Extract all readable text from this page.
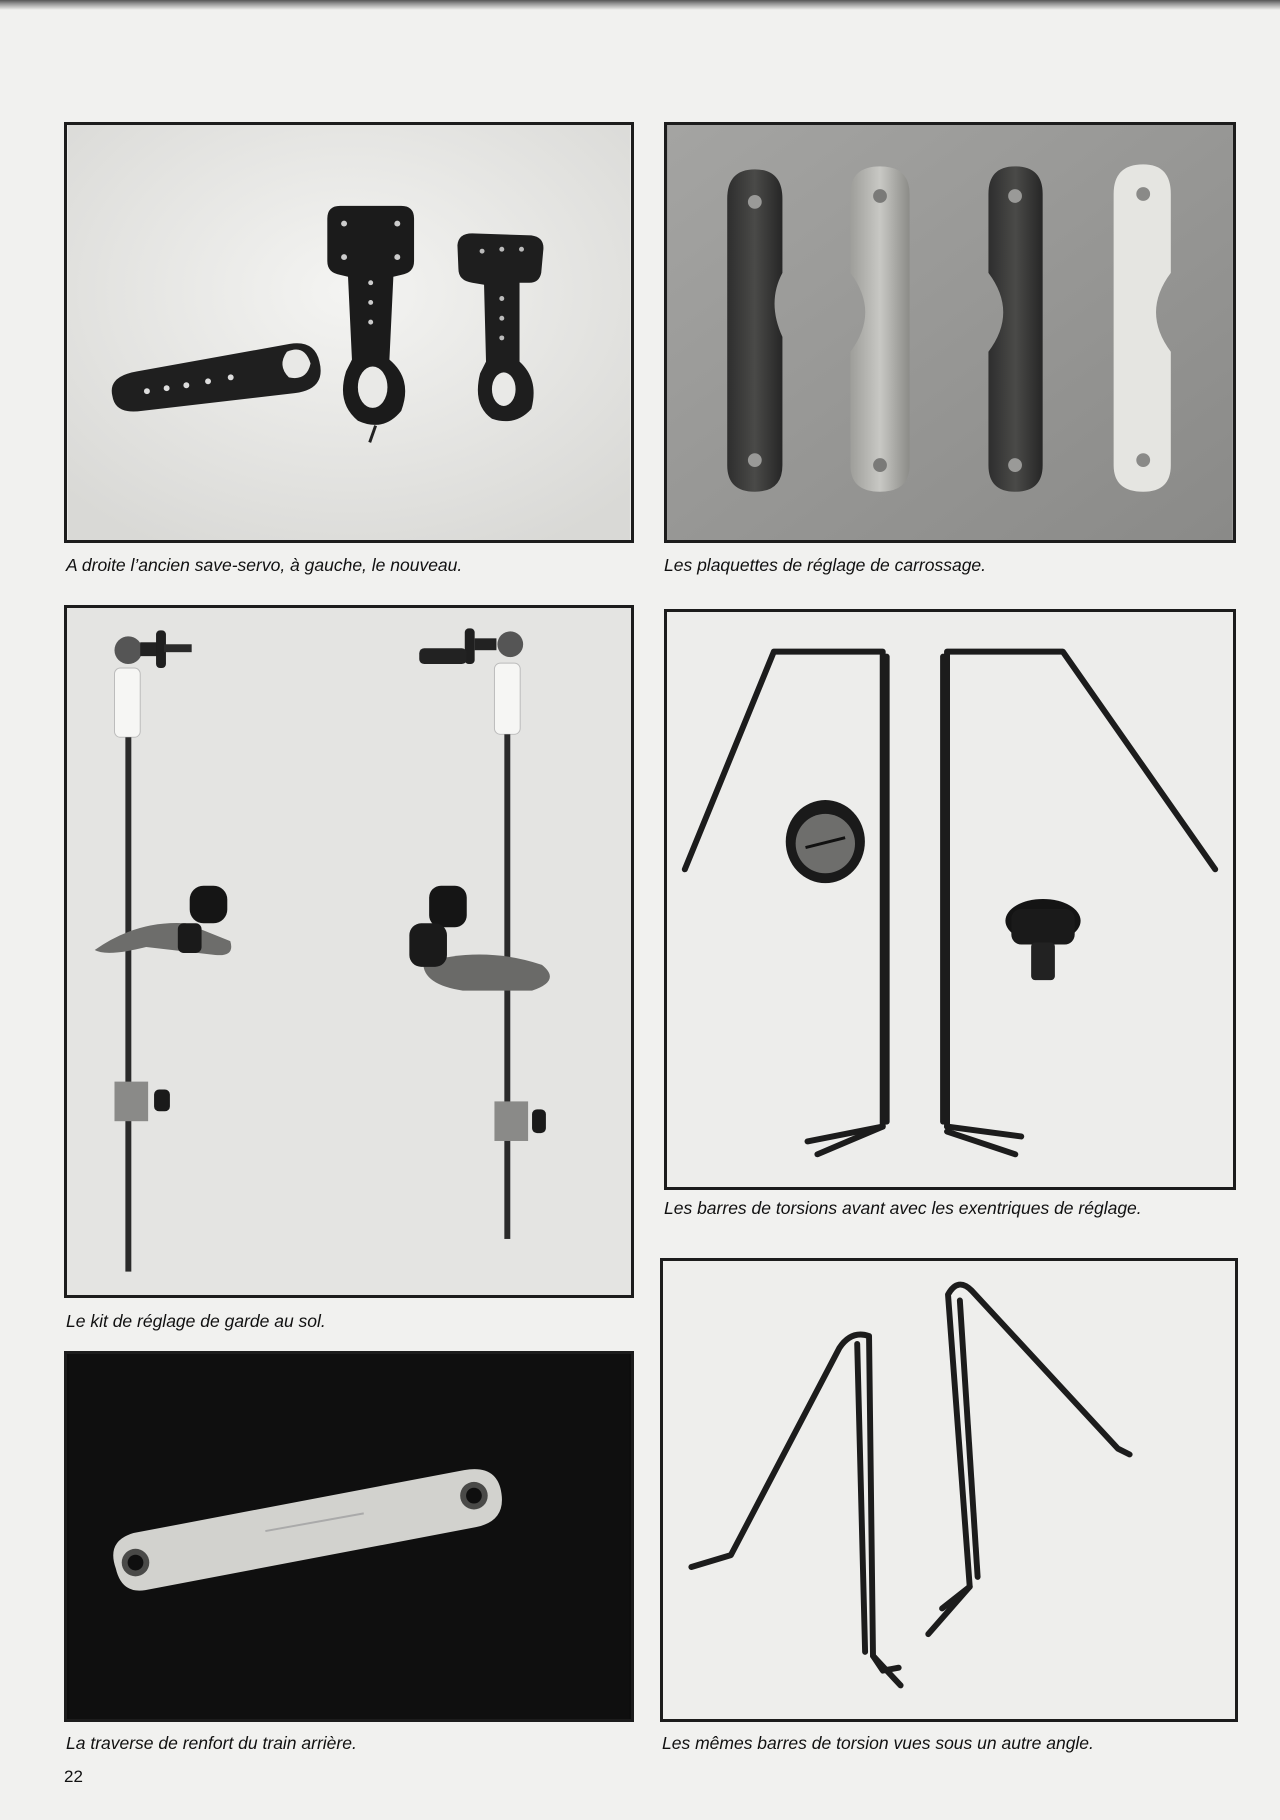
A droite l’ancien save-servo, à gauche, le nouveau.	Les plaquettes de réglage de carrossage.
Le kit de réglage de garde au sol.
Les barres de torsions avant avec les exentriques de réglage.
La traverse de renfort du train arrière.	Les mêmes barres de torsion vues sous un autre angle.
22
